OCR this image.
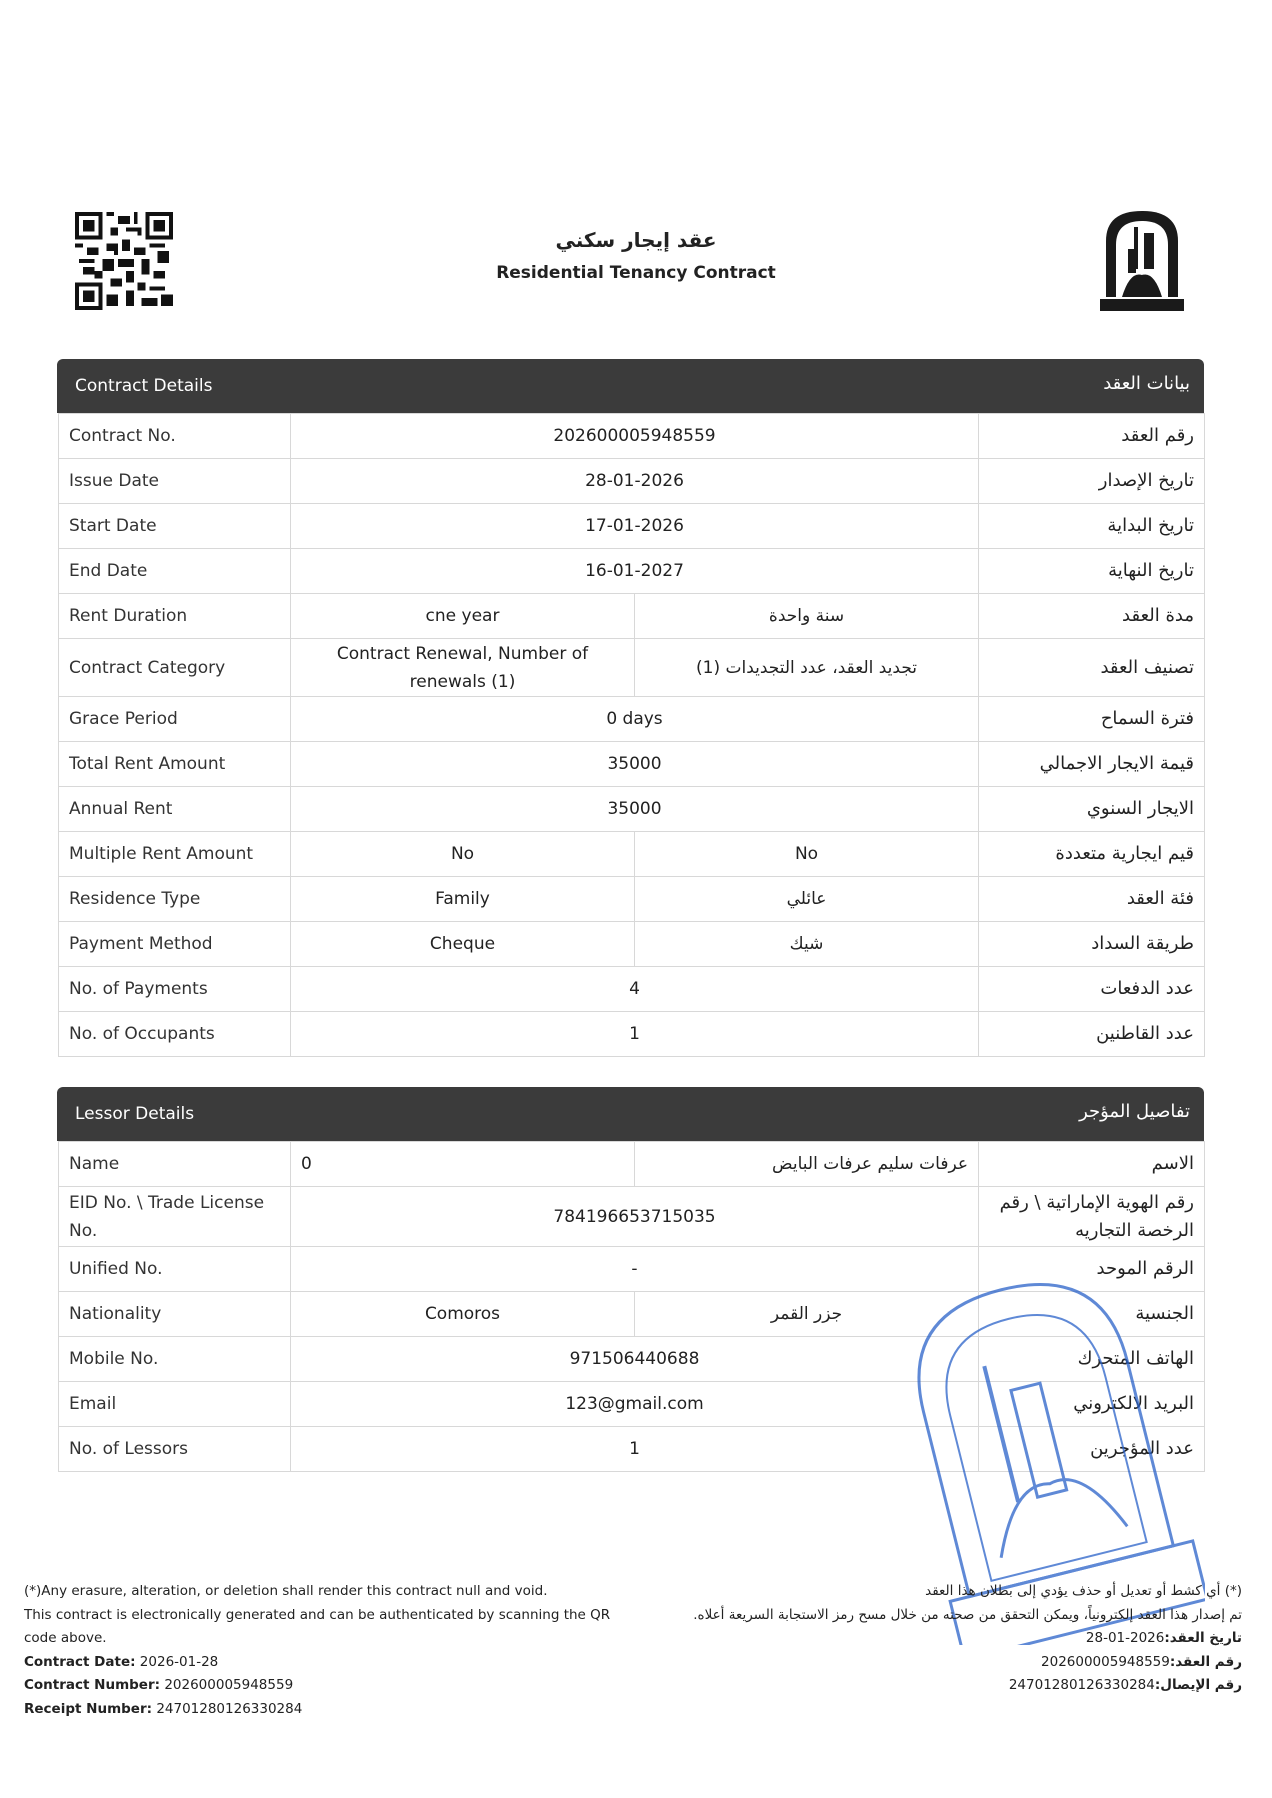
عقد إيجار سكني
Residential Tenancy Contract
Contract Details	بيانات العقد
Contract No.	202600005948559		رقم العقد
Issue Date	28-01-2026		تاريخ الإصدار
Start Date	17-01-2026		تاريخ البداية
End Date	16-01-2027		تاريخ النهاية
Rent Duration	cne year	سنة واحدة	مدة العقد
Contract Category	Contract Renewal, Number of renewals (1)	تجديد العقد، عدد التجديدات (1)	تصنيف العقد
Grace Period	0 days		فترة السماح
Total Rent Amount	35000		قيمة الايجار الاجمالي
Annual Rent	35000		الايجار السنوي
Multiple Rent Amount	No	No	قيم ايجارية متعددة
Residence Type	Family	عائلي	فئة العقد
Payment Method	Cheque	شيك	طريقة السداد
No. of Payments	4		عدد الدفعات
No. of Occupants	1		عدد القاطنين
Lessor Details	تفاصيل المؤجر
Name	0	عرفات سليم عرفات البايض	الاسم
EID No. \ Trade License No.	784196653715035		رقم الهوية الإماراتية \ رقم الرخصة التجاريه
Unified No.	-		الرقم الموحد
Nationality	Comoros	جزر القمر	الجنسية
Mobile No.	971506440688		الهاتف المتحرك
Email	123@gmail.com		البريد الالكتروني
No. of Lessors	1		عدد المؤجرين
(*)Any erasure, alteration, or deletion shall render this contract null and void.
This contract is electronically generated and can be authenticated by scanning the QR code above.
Contract Date: 2026-01-28
Contract Number: 202600005948559
Receipt Number: 24701280126330284
(*) أي كشط أو تعديل أو حذف يؤدي إلى بطلان هذا العقد
تم إصدار هذا العقد إلكترونياً، ويمكن التحقق من صحته من خلال مسح رمز الاستجابة السريعة أعلاه.
تاريخ العقد:2026-01-28
رقم العقد:202600005948559
رقم الإيصال:24701280126330284
